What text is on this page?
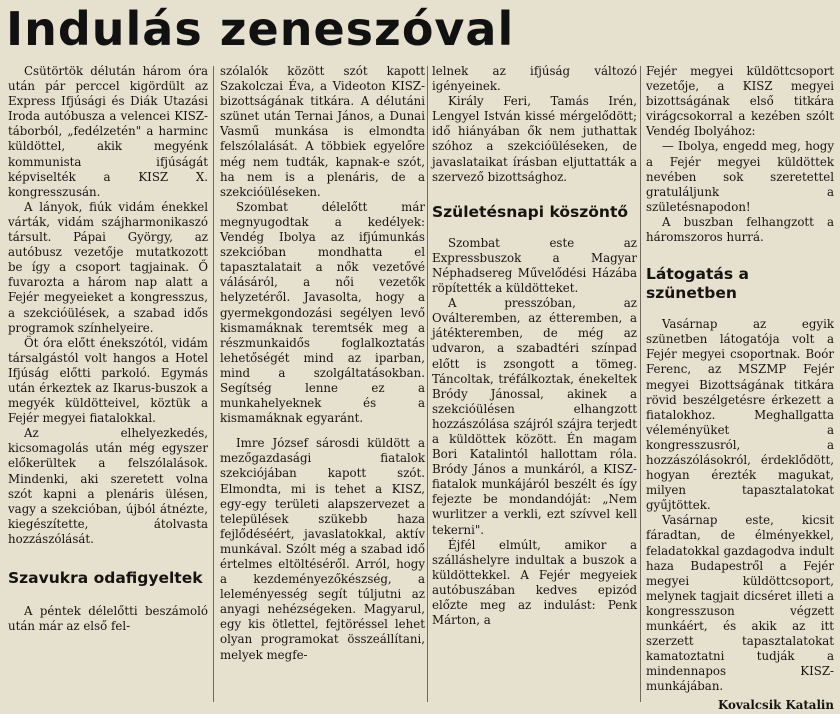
Indulás zeneszóval

Csütörtök délután három óra után pár perccel kigördült az Express Ifjúsági és Diák Utazási Iroda autóbusza a velencei KISZ-táborból, „fedélzetén" a harminc küldöttel, akik megyénk kommunista ifjúságát képviselték a KISZ X. kongresszusán.

A lányok, fiúk vidám énekkel várták, vidám szájharmonikaszó társult. Pápai György, az autóbusz vezetője mutatkozott be így a csoport tagjainak. Ő fuvarozta a három nap alatt a Fejér megyeieket a kongresszus, a szekcióülések, a szabad idős programok színhelyeire.

Öt óra előtt énekszótól, vidám társalgástól volt hangos a Hotel Ifjúság előtti parkoló. Egymás után érkeztek az Ikarus-buszok a megyék küldötteivel, köztük a Fejér megyei fiatalokkal.

Az elhelyezkedés, kicsomagolás után még egyszer előkerültek a felszólalások. Mindenki, aki szeretett volna szót kapni a plenáris ülésen, vagy a szekcióban, újból átnézte, kiegészítette, átolvasta hozzászólását.

Szavukra odafigyeltek

A péntek délelőtti beszámoló után már az első fel-

szólalók között szót kapott Szakolczai Éva, a Videoton KISZ-bizottságának titkára. A délutáni szünet után Ternai János, a Dunai Vasmű munkása is elmondta felszólalását. A többiek egyelőre még nem tudták, kapnak-e szót, ha nem is a plenáris, de a szekcióüléseken.

Szombat délelőtt már megnyugodtak a kedélyek: Vendég Ibolya az ifjúmunkás szekcióban mondhatta el tapasztalatait a nők vezetővé válásáról, a női vezetők helyzetéről. Javasolta, hogy a gyermekgondozási segélyen levő kismamáknak teremtsék meg a részmunkaidős foglalkoztatás lehetőségét mind az iparban, mind a szolgáltatásokban. Segítség lenne ez a munkahelyeknek és a kismamáknak egyaránt.

Imre József sárosdi küldött a mezőgazdasági fiatalok szekciójában kapott szót. Elmondta, mi is tehet a KISZ, egy-egy területi alapszervezet a települések szükebb haza fejlődéséért, javaslatokkal, aktív munkával. Szólt még a szabad idő értelmes eltöltéséről. Arról, hogy a kezdeményezőkészség, a leleményesség segít túljutni az anyagi nehézségeken. Magyarul, egy kis ötlettel, fejtöréssel lehet olyan programokat összeállítani, melyek megfe-

lelnek az ifjúság változó igényeinek.

Király Feri, Tamás Irén, Lengyel István kissé mérgelődött; idő hiányában ők nem juthattak szóhoz a szekcióüléseken, de javaslataikat írásban eljuttatták a szervező bizottsághoz.

Születésnapi köszöntő

Szombat este az Expressbuszok a Magyar Néphadsereg Művelődési Házába röpítették a küldötteket.

A presszóban, az Oválteremben, az étteremben, a játékteremben, de még az udvaron, a szabadtéri színpad előtt is zsongott a tömeg. Táncoltak, tréfálkoztak, énekeltek Bródy Jánossal, akinek a szekcióülésen elhangzott hozzászólása szájról szájra terjedt a küldöttek között. Én magam Bori Katalintól hallottam róla. Bródy János a munkáról, a KISZ-fiatalok munkájáról beszélt és így fejezte be mondandóját: „Nem wurlitzer a verkli, ezt szívvel kell tekerni".

Éjfél elmúlt, amikor a szálláshelyre indultak a buszok a küldöttekkel. A Fejér megyeiek autóbuszában kedves epizód előzte meg az indulást: Penk Márton, a

Fejér megyei küldöttcsoport vezetője, a KISZ megyei bizottságának első titkára virágcsokorral a kezében szólt Vendég Ibolyához:

— Ibolya, engedd meg, hogy a Fejér megyei küldöttek nevében sok szeretettel gratuláljunk a születésnapodon!

A buszban felhangzott a háromszoros hurrá.

Látogatás a szünetben

Vasárnap az egyik szünetben látogatója volt a Fejér megyei csoportnak. Boór Ferenc, az MSZMP Fejér megyei Bizottságának titkára rövid beszélgetésre érkezett a fiatalokhoz. Meghallgatta véleményüket a kongresszusról, a hozzászólásokról, érdeklődött, hogyan érezték magukat, milyen tapasztalatokat gyűjtöttek.

Vasárnap este, kicsit fáradtan, de élményekkel, feladatokkal gazdagodva indult haza Budapestről a Fejér megyei küldöttcsoport, melynek tagjait dicséret illeti a kongresszuson végzett munkáért, és akik az itt szerzett tapasztalatokat kamatoztatni tudják a mindennapos KISZ-munkájában.

Kovalcsik Katalin
